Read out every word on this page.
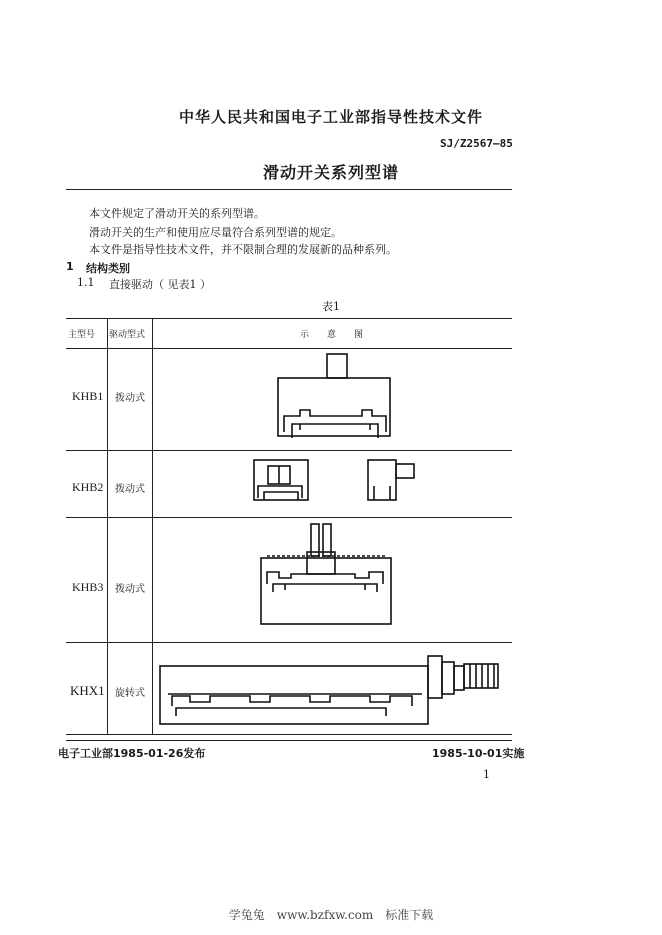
中华人民共和国电子工业部指导性技术文件
SJ/Z2567—85
滑动开关系列型谱
本文件规定了滑动开关的系列型谱。
滑动开关的生产和使用应尽量符合系列型谱的规定。
本文件是指导性技术文件，并不限制合理的发展新的品种系列。
1 结构类别
1.1 直接驱动（ 见表1 ）
表1
主型号 驱动型式	示　　意　　图
KHB1 拨动式
KHB2 拨动式
KHB3 拨动式
KHX1 旋转式
电子工业部1985-01-26发布	1985-10-01实施
1
学兔兔　www.bzfxw.com　标准下载
